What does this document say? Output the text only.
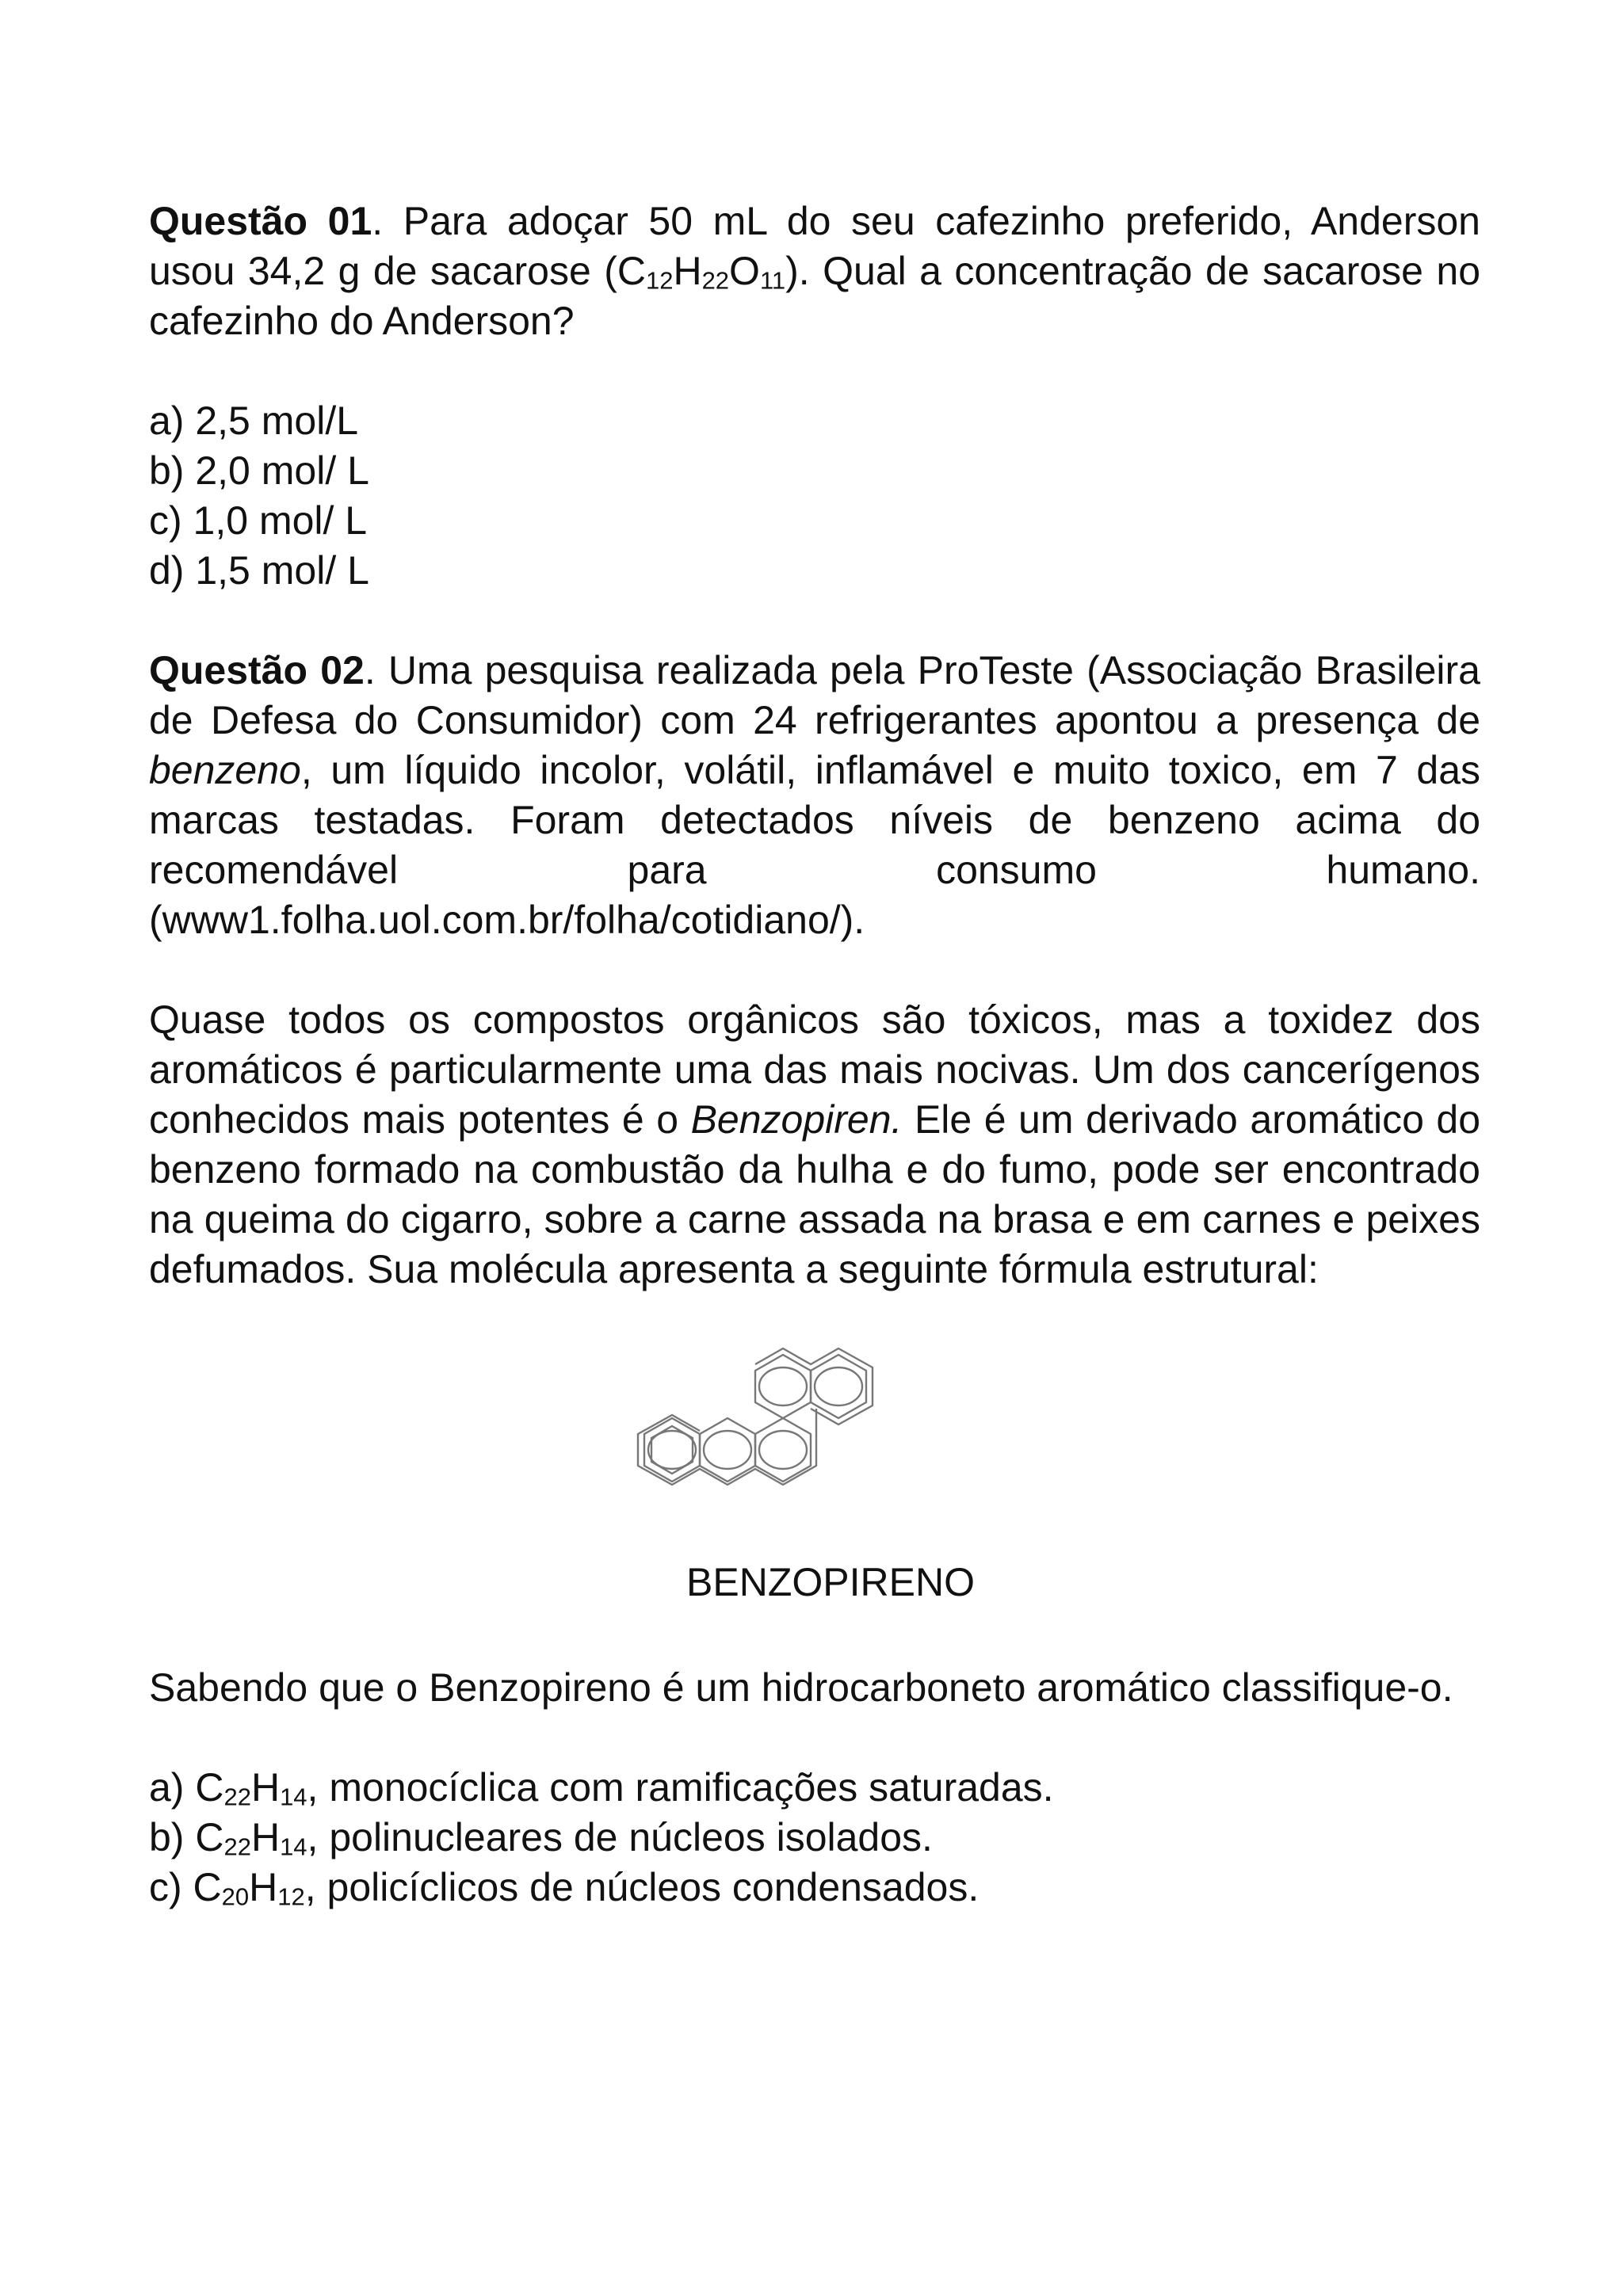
Questão 01. Para adoçar 50 mL do seu cafezinho preferido, Anderson usou 34,2 g de sacarose $(C_{12}H_{22}O_{11})$. Qual a concentração de sacarose no cafezinho do Anderson?

a) 2,5 mol/L

b) 2,0 mol/ L

c) 1,0 mol/ L

d) 1,5 mol/ L

Questão 02. Uma pesquisa realizada pela ProTeste (Associação Brasileira de Defesa do Consumidor) com 24 refrigerantes apontou a presença de benzeno, um líquido incolor, volátil, inflamável e muito toxico, em 7 das marcas testadas. Foram detectados níveis de benzeno acima do recomendável para consumo humano. (www1.folha.uol.com.br/folha/cotidiano/).

Quase todos os compostos orgânicos são tóxicos, mas a toxidez dos aromáticos é particularmente uma das mais nocivas. Um dos cancerígenos conhecidos mais potentes é o Benzopiren. Ele é um derivado aromático do benzeno formado na combustão da hulha e do fumo, pode ser encontrado na queima do cigarro, sobre a carne assada na brasa e em carnes e peixes defumados. Sua molécula apresenta a seguinte fórmula estrutural:

BENZOPIRENO

Sabendo que o Benzopireno é um hidrocarboneto aromático classifique-o.

a) $C_{22}H_{14}$, monocíclica com ramificações saturadas.

b) $C_{22}H_{14}$, polinucleares de núcleos isolados.

c) $C_{20}H_{12}$, policíclicos de núcleos condensados.
